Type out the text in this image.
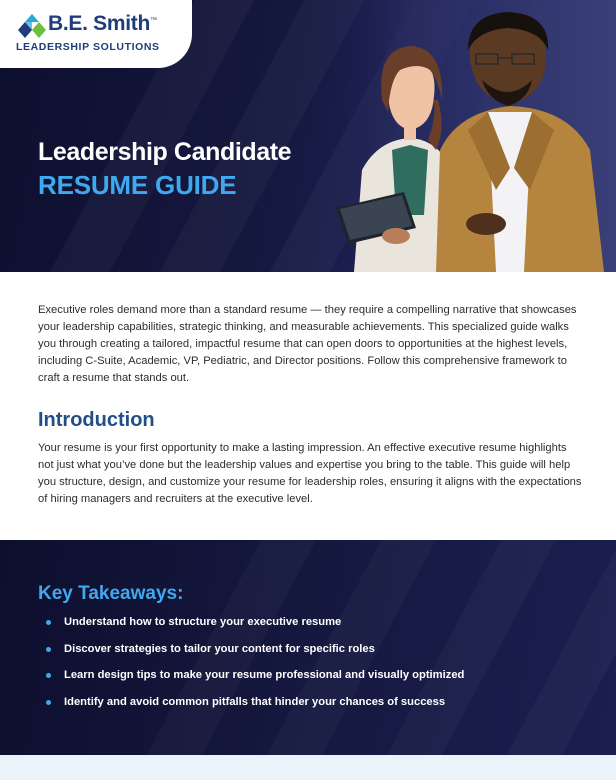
B.E. Smith™
LEADERSHIP SOLUTIONS
Leadership Candidate
RESUME GUIDE

Executive roles demand more than a standard resume — they require a compelling narrative that showcases your leadership capabilities, strategic thinking, and measurable achievements. This specialized guide walks you through creating a tailored, impactful resume that can open doors to opportunities at the highest levels, including C-Suite, Academic, VP, Pediatric, and Director positions. Follow this comprehensive framework to craft a resume that stands out.

Introduction

Your resume is your first opportunity to make a lasting impression. An effective executive resume highlights not just what you’ve done but the leadership values and expertise you bring to the table. This guide will help you structure, design, and customize your resume for leadership roles, ensuring it aligns with the expectations of hiring managers and recruiters at the executive level.

Key Takeaways:
Understand how to structure your executive resume
Discover strategies to tailor your content for specific roles
Learn design tips to make your resume professional and visually optimized
Identify and avoid common pitfalls that hinder your chances of success
